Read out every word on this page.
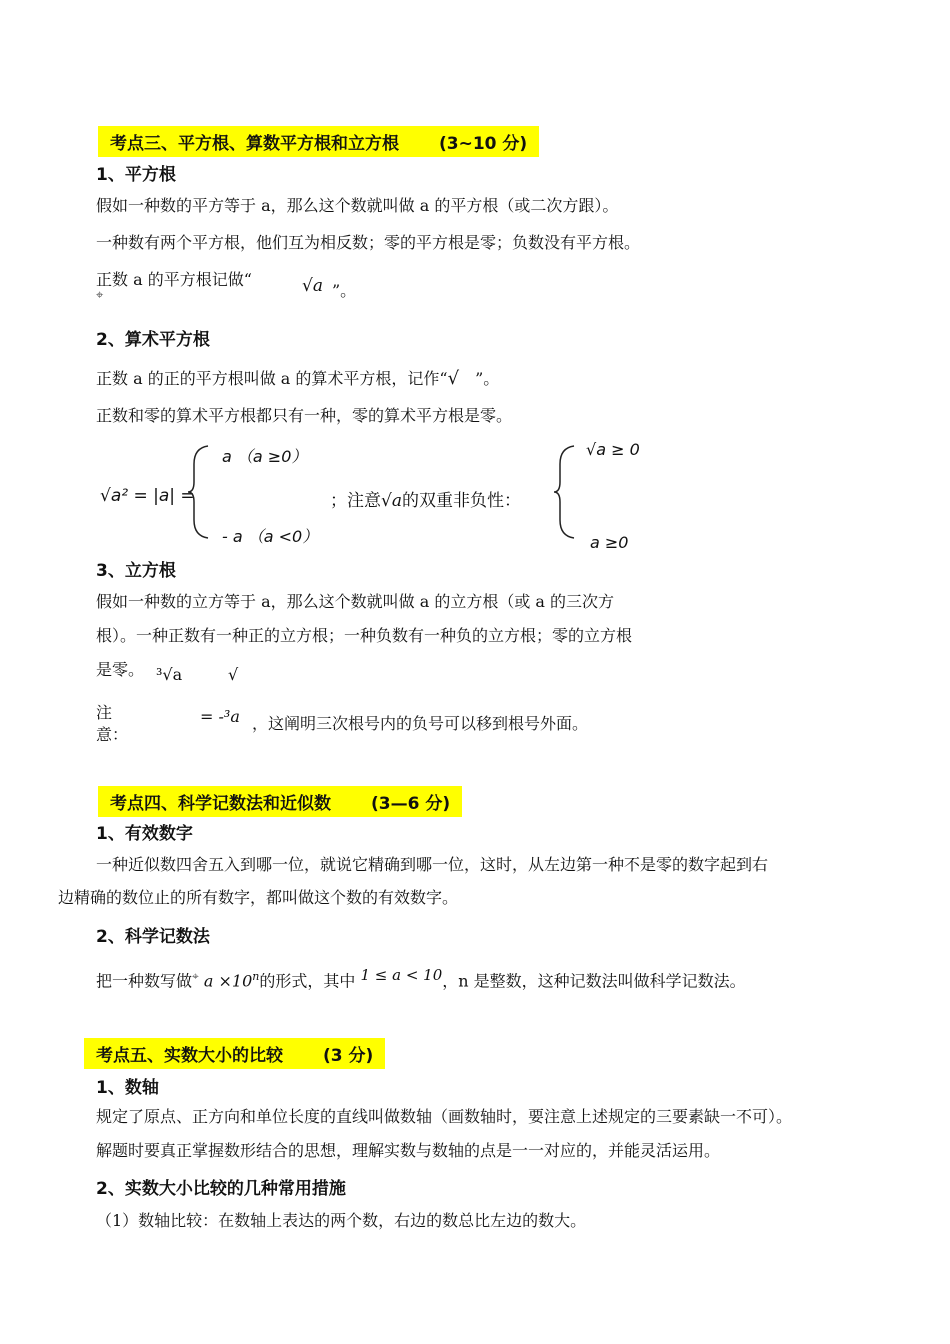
考点三、平方根、算数平方根和立方根 (3~10 分)
1、平方根
假如一种数的平方等于 a，那么这个数就叫做 a 的平方根（或二次方跟）。
一种数有两个平方根，他们互为相反数；零的平方根是零；负数没有平方根。
正数 a 的平方根记做“
⌖	√a ”。
2、算术平方根
正数 a 的正的平方根叫做 a 的算术平方根，记作“√ ”。
正数和零的算术平方根都只有一种，零的算术平方根是零。
√a² = |a| =
a （a ≥0）
- a （a <0）
；注意√a的双重非负性：
√a ≥ 0
a ≥0
3、立方根
假如一种数的立方等于 a，那么这个数就叫做 a 的立方根（或 a 的三次方
根）。一种正数有一种正的立方根；一种负数有一种负的立方根；零的立方根
是零。 ³√a	√
注
意：
= -³a ，这阐明三次根号内的负号可以移到根号外面。
考点四、科学记数法和近似数 (3—6 分)
1、有效数字
一种近似数四舍五入到哪一位，就说它精确到哪一位，这时，从左边第一种不是零的数字起到右
边精确的数位止的所有数字，都叫做这个数的有效数字。
2、科学记数法
把一种数写做⌖ $a \times 10^n$的形式，其中 1 ≤ a < 10，n 是整数，这种记数法叫做科学记数法。
考点五、实数大小的比较 (3 分)
1、数轴
规定了原点、正方向和单位长度的直线叫做数轴（画数轴时，要注意上述规定的三要素缺一不可）。
解题时要真正掌握数形结合的思想，理解实数与数轴的点是一一对应的，并能灵活运用。
2、实数大小比较的几种常用措施
（1）数轴比较：在数轴上表达的两个数，右边的数总比左边的数大。
